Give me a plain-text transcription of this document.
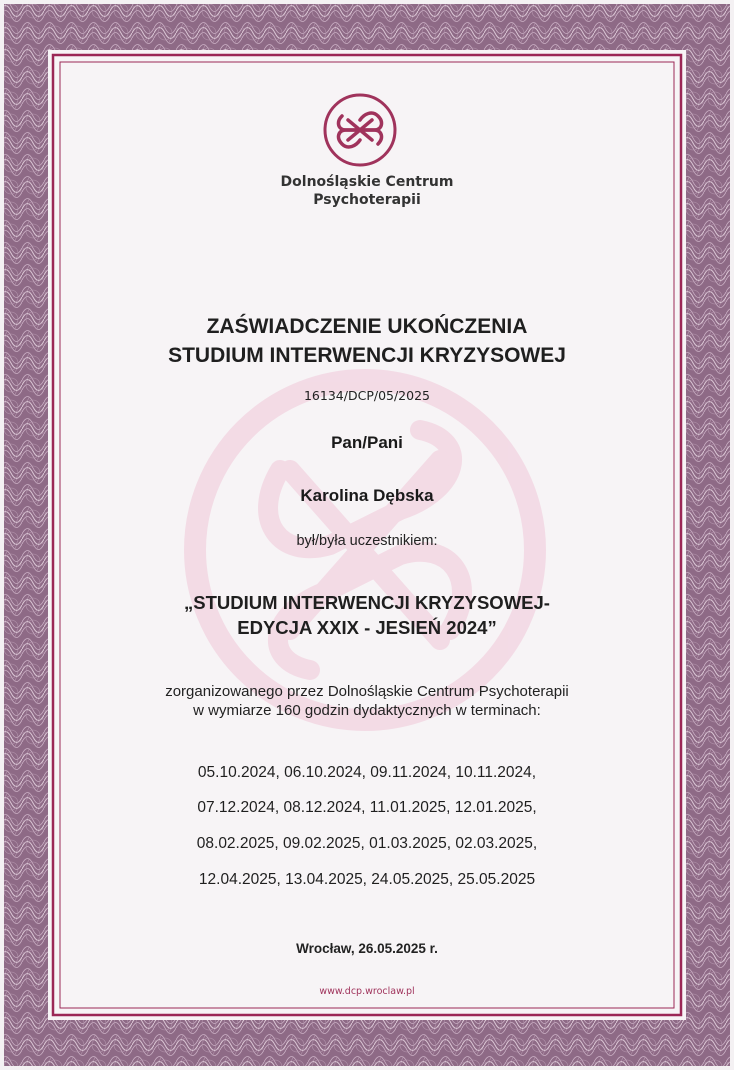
Dolnośląskie Centrum
Psychoterapii
ZAŚWIADCZENIE UKOŃCZENIA
STUDIUM INTERWENCJI KRYZYSOWEJ
16134/DCP/05/2025
Pan/Pani
Karolina Dębska
był/była uczestnikiem:
„STUDIUM INTERWENCJI KRYZYSOWEJ-
EDYCJA XXIX - JESIEŃ 2024”
zorganizowanego przez Dolnośląskie Centrum Psychoterapii
w wymiarze 160 godzin dydaktycznych w terminach:
05.10.2024, 06.10.2024, 09.11.2024, 10.11.2024,
07.12.2024, 08.12.2024, 11.01.2025, 12.01.2025,
08.02.2025, 09.02.2025, 01.03.2025, 02.03.2025,
12.04.2025, 13.04.2025, 24.05.2025, 25.05.2025
Wrocław, 26.05.2025 r.
www.dcp.wroclaw.pl
